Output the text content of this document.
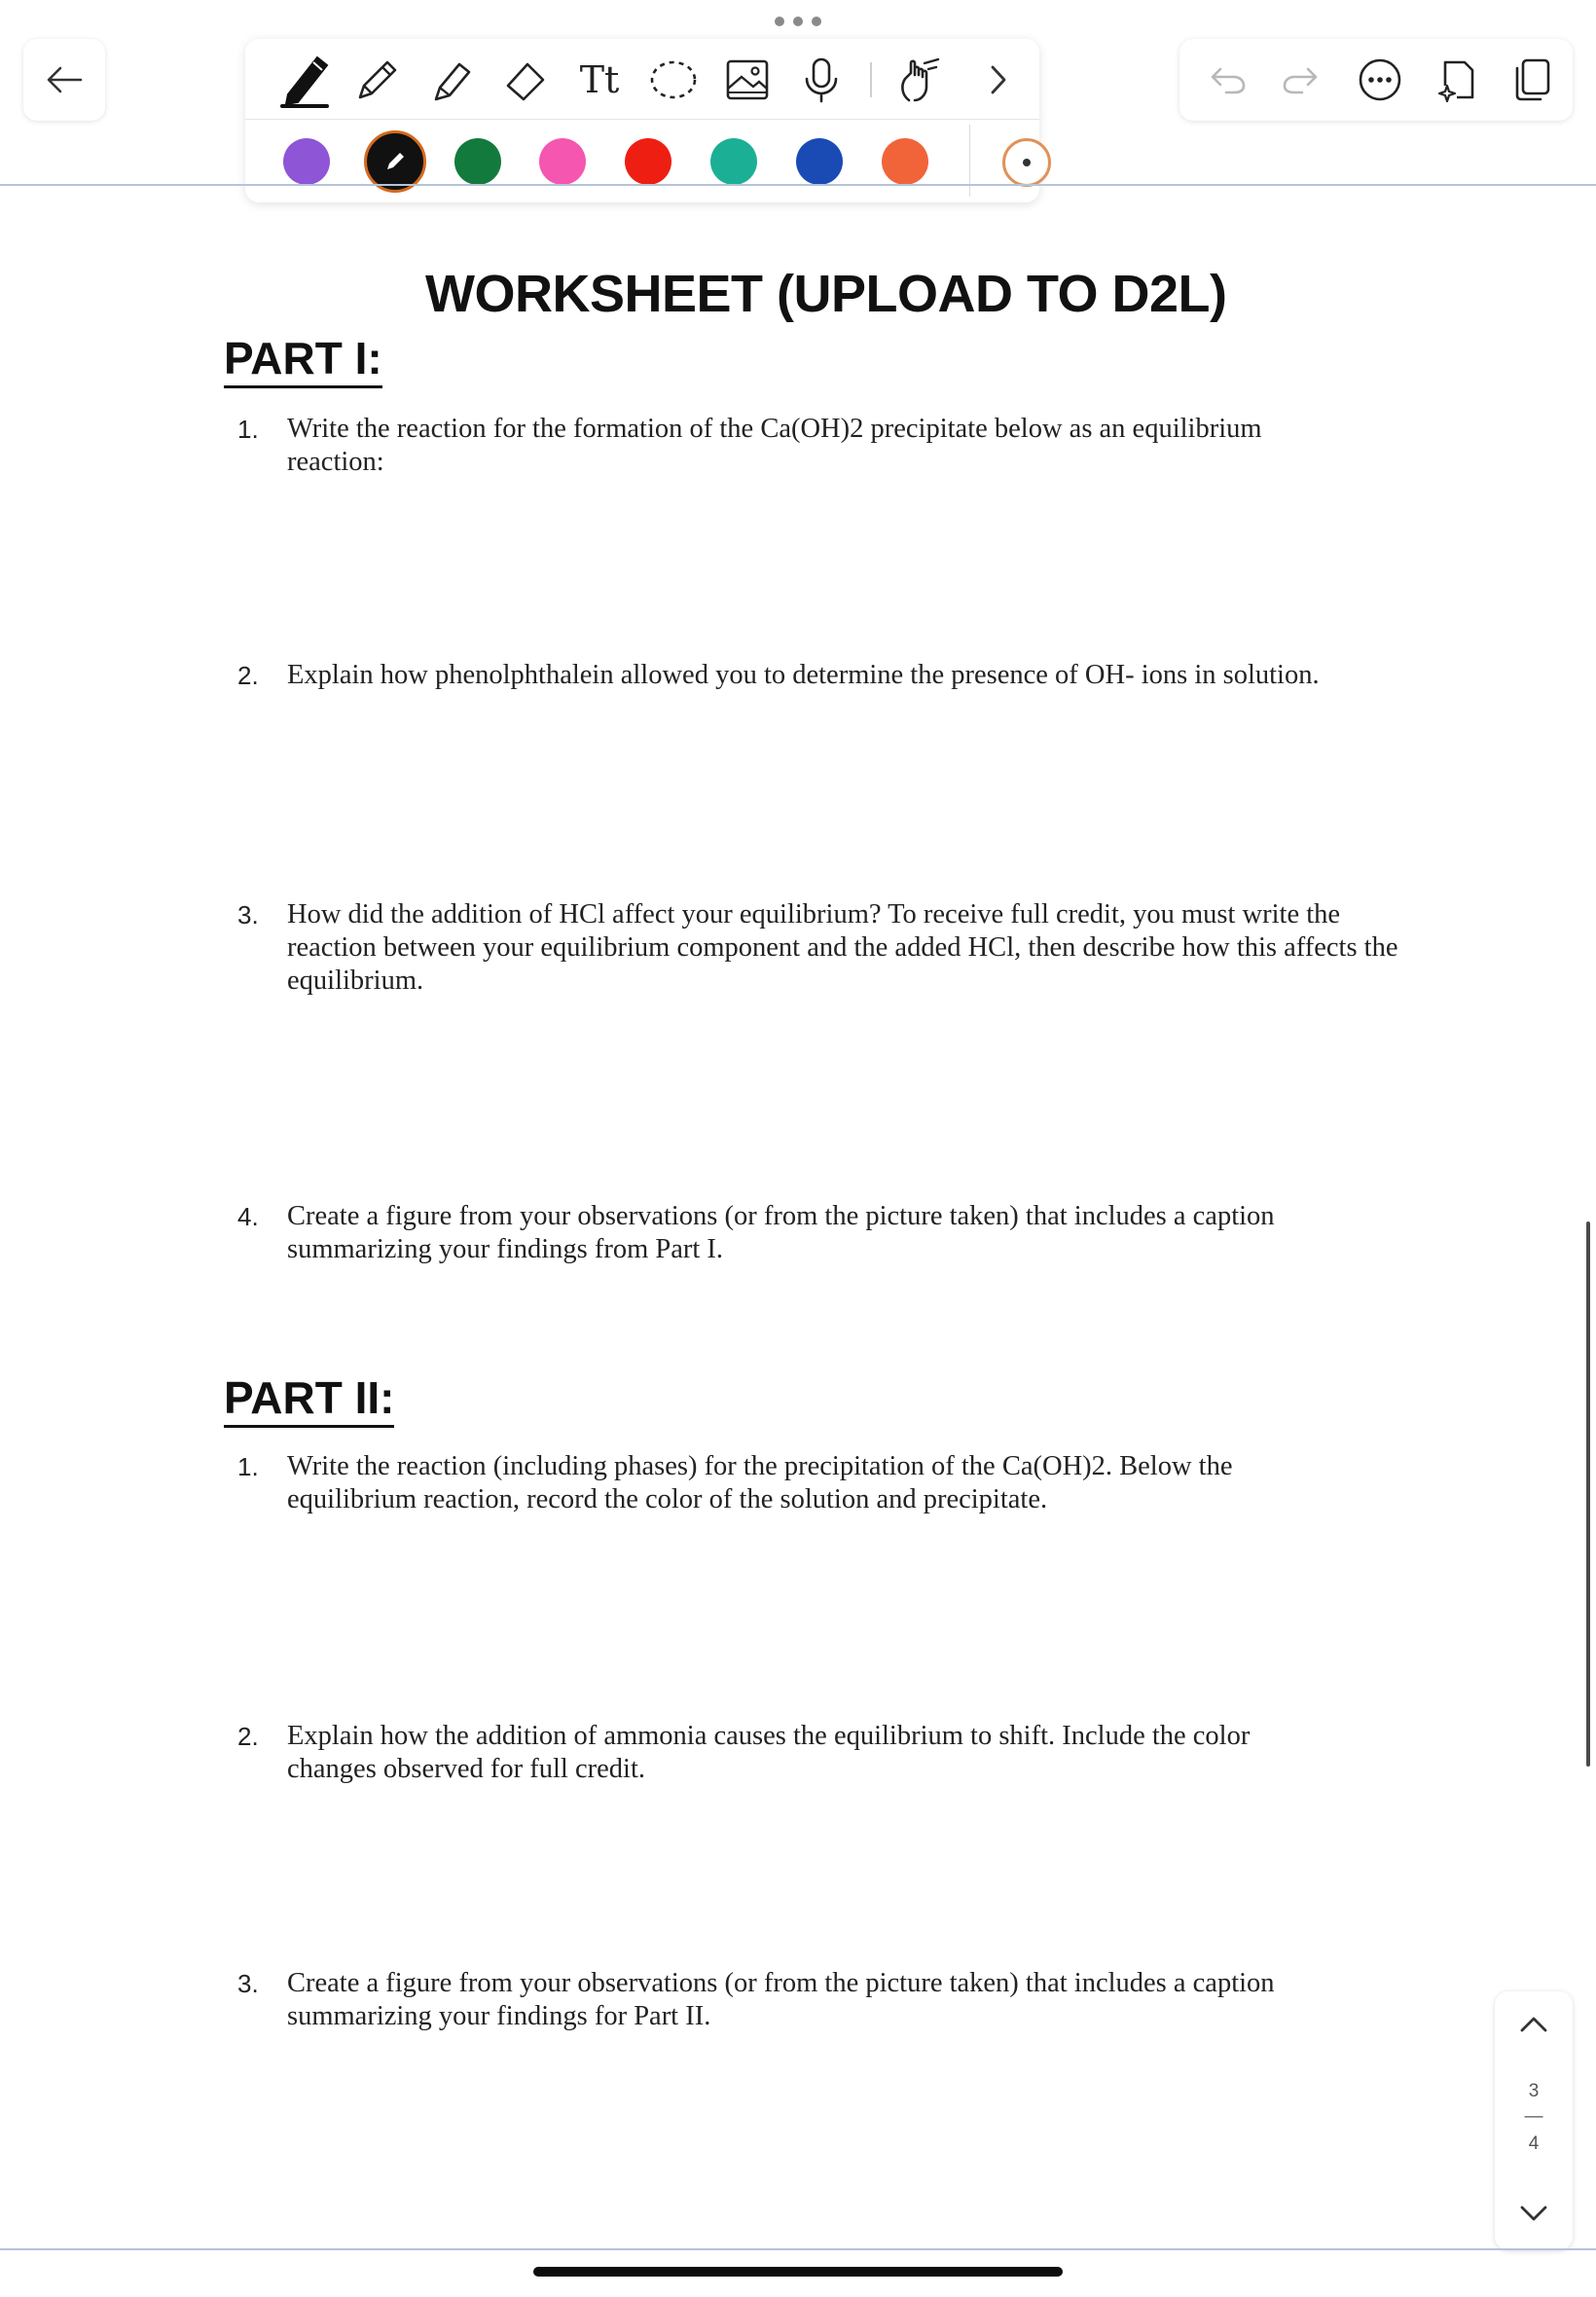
Tt
WORKSHEET (UPLOAD TO D2L)
PART I:
1. Write the reaction for the formation of the Ca(OH)2 precipitate below as an equilibrium
reaction:
2. Explain how phenolphthalein allowed you to determine the presence of OH- ions in solution.
3. How did the addition of HCl affect your equilibrium? To receive full credit, you must write the
reaction between your equilibrium component and the added HCl, then describe how this affects the
equilibrium.
4. Create a figure from your observations (or from the picture taken) that includes a caption
summarizing your findings from Part I.
PART II:
1. Write the reaction (including phases) for the precipitation of the Ca(OH)2. Below the
equilibrium reaction, record the color of the solution and precipitate.
2. Explain how the addition of ammonia causes the equilibrium to shift. Include the color
changes observed for full credit.
3. Create a figure from your observations (or from the picture taken) that includes a caption
summarizing your findings for Part II.
3
—
4
